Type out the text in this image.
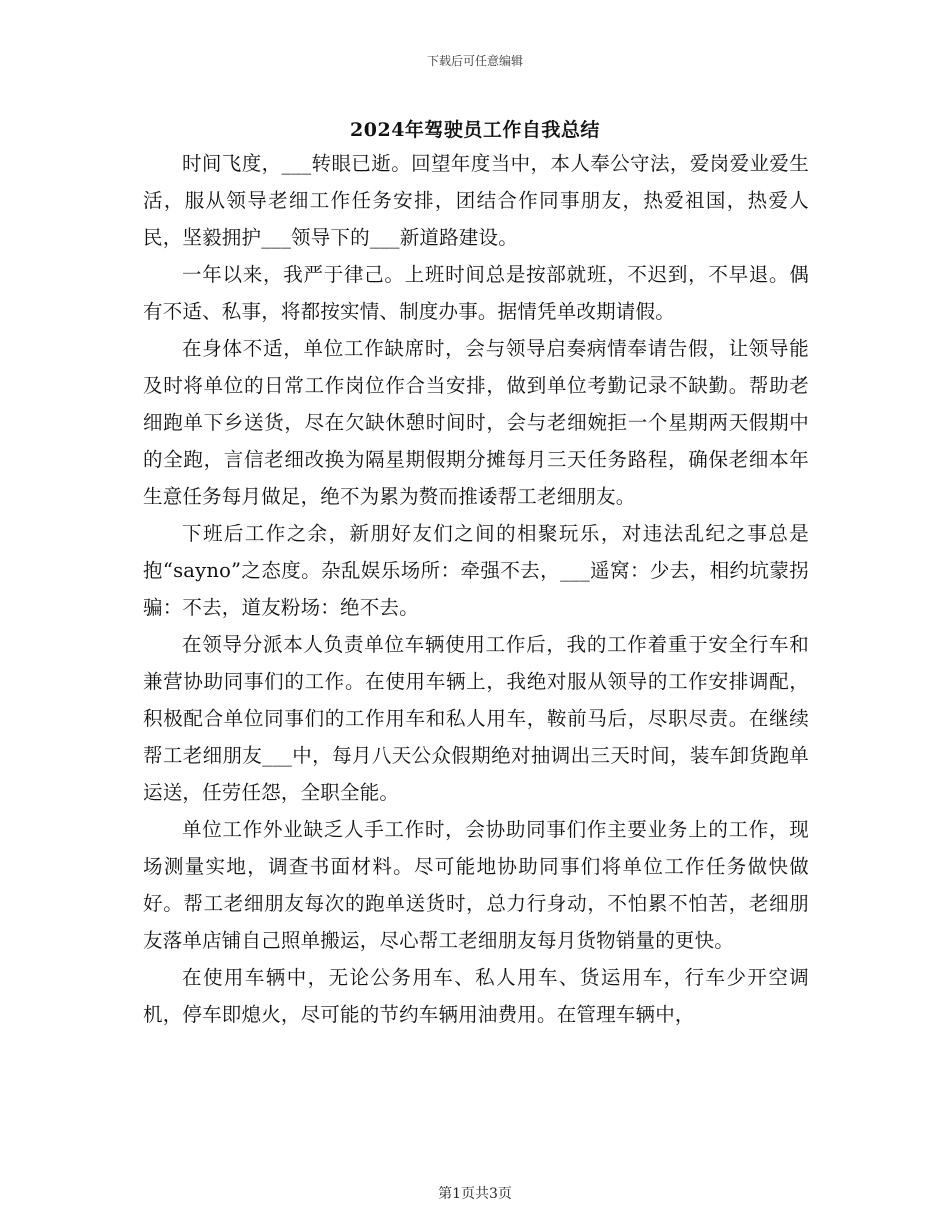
下载后可任意编辑
2024年驾驶员工作自我总结

时间飞度，___转眼已逝。回望年度当中，本人奉公守法，爱岗爱业爱生活，服从领导老细工作任务安排，团结合作同事朋友，热爱祖国，热爱人民，坚毅拥护___领导下的___新道路建设。

一年以来，我严于律己。上班时间总是按部就班，不迟到，不早退。偶有不适、私事，将都按实情、制度办事。据情凭单改期请假。

在身体不适，单位工作缺席时，会与领导启奏病情奉请告假，让领导能及时将单位的日常工作岗位作合当安排，做到单位考勤记录不缺勤。帮助老细跑单下乡送货，尽在欠缺休憩时间时，会与老细婉拒一个星期两天假期中的全跑，言信老细改换为隔星期假期分摊每月三天任务路程，确保老细本年生意任务每月做足，绝不为累为赘而推诿帮工老细朋友。

下班后工作之余，新朋好友们之间的相聚玩乐，对违法乱纪之事总是抱“sayno”之态度。杂乱娱乐场所：牵强不去，___遥窝：少去，相约坑蒙拐骗：不去，道友粉场：绝不去。

在领导分派本人负责单位车辆使用工作后，我的工作着重于安全行车和兼营协助同事们的工作。在使用车辆上，我绝对服从领导的工作安排调配，积极配合单位同事们的工作用车和私人用车，鞍前马后，尽职尽责。在继续帮工老细朋友___中，每月八天公众假期绝对抽调出三天时间，装车卸货跑单运送，任劳任怨，全职全能。

单位工作外业缺乏人手工作时，会协助同事们作主要业务上的工作，现场测量实地，调查书面材料。尽可能地协助同事们将单位工作任务做快做好。帮工老细朋友每次的跑单送货时，总力行身动，不怕累不怕苦，老细朋友落单店铺自己照单搬运，尽心帮工老细朋友每月货物销量的更快。

在使用车辆中，无论公务用车、私人用车、货运用车，行车少开空调机，停车即熄火，尽可能的节约车辆用油费用。在管理车辆中，

第1页共3页
